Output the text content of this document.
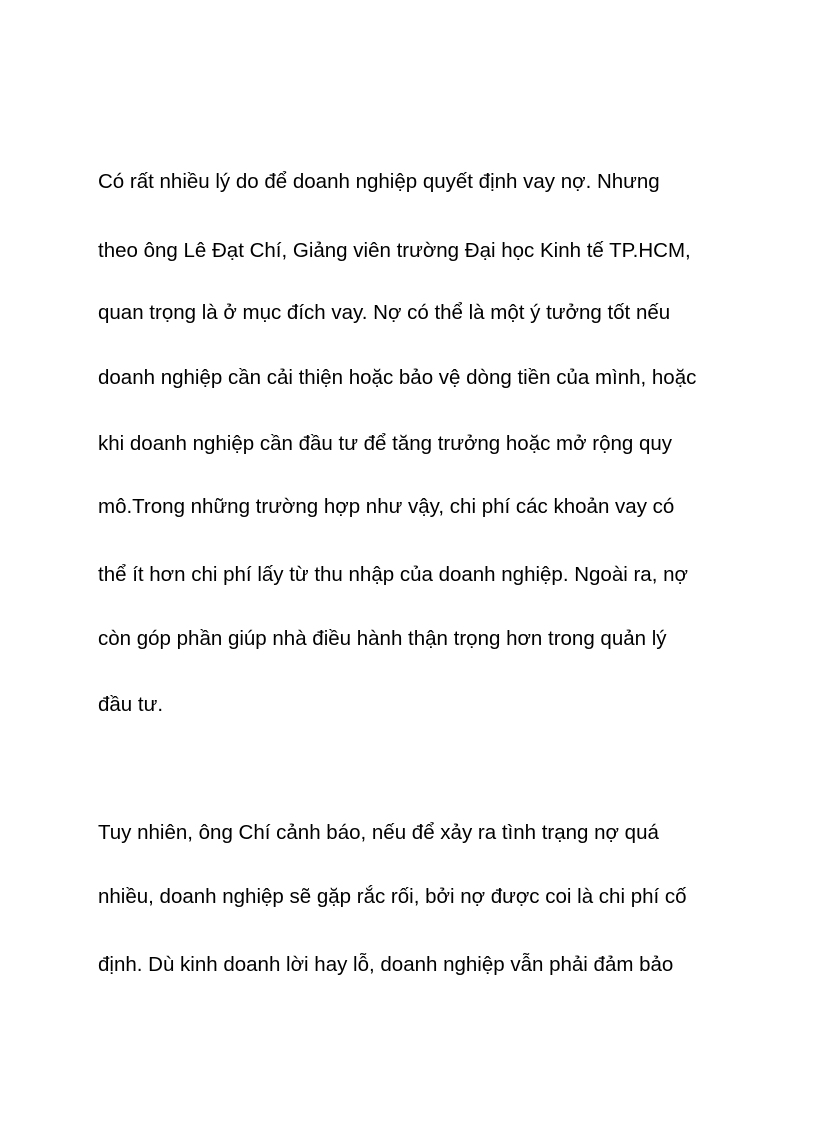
Có rất nhiều lý do để doanh nghiệp quyết định vay nợ. Nhưng
theo ông Lê Đạt Chí, Giảng viên trường Đại học Kinh tế TP.HCM,
quan trọng là ở mục đích vay. Nợ có thể là một ý tưởng tốt nếu
doanh nghiệp cần cải thiện hoặc bảo vệ dòng tiền của mình, hoặc
khi doanh nghiệp cần đầu tư để tăng trưởng hoặc mở rộng quy
mô.Trong những trường hợp như vậy, chi phí các khoản vay có
thể ít hơn chi phí lấy từ thu nhập của doanh nghiệp. Ngoài ra, nợ
còn góp phần giúp nhà điều hành thận trọng hơn trong quản lý
đầu tư.
Tuy nhiên, ông Chí cảnh báo, nếu để xảy ra tình trạng nợ quá
nhiều, doanh nghiệp sẽ gặp rắc rối, bởi nợ được coi là chi phí cố
định. Dù kinh doanh lời hay lỗ, doanh nghiệp vẫn phải đảm bảo
